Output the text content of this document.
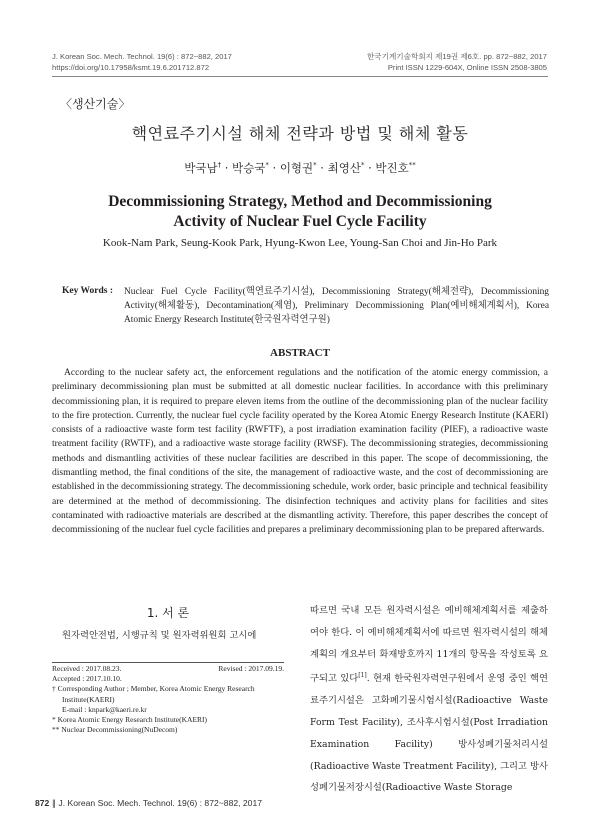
J. Korean Soc. Mech. Technol. 19(6) : 872~882, 2017
https://doi.org/10.17958/ksmt.19.6.201712.872
한국기계기술학회지 제19권 제6호. pp. 872~882, 2017
Print ISSN 1229-604X, Online ISSN 2508-3805
〈생산기술〉
핵연료주기시설 해체 전략과 방법 및 해체 활동
박국남† · 박승국* · 이형권* · 최영산* · 박진호**
Decommissioning Strategy, Method and Decommissioning
Activity of Nuclear Fuel Cycle Facility
Kook-Nam Park, Seung-Kook Park, Hyung-Kwon Lee, Young-San Choi and Jin-Ho Park
Key Words : Nuclear Fuel Cycle Facility(핵연료주기시설), Decommissioning Strategy(해체전략), Decommissioning Activity(해체활동), Decontamination(제염), Preliminary Decommissioning Plan(예비해체계획서), Korea Atomic Energy Research Institute(한국원자력연구원)
ABSTRACT

According to the nuclear safety act, the enforcement regulations and the notification of the atomic energy commission, a preliminary decommissioning plan must be submitted at all domestic nuclear facilities. In accordance with this preliminary decommissioning plan, it is required to prepare eleven items from the outline of the decommissioning plan of the nuclear facility to the fire protection. Currently, the nuclear fuel cycle facility operated by the Korea Atomic Energy Research Institute (KAERI) consists of a radioactive waste form test facility (RWFTF), a post irradiation examination facility (PIEF), a radioactive waste treatment facility (RWTF), and a radioactive waste storage facility (RWSF). The decommissioning strategies, decommissioning methods and dismantling activities of these nuclear facilities are described in this paper. The scope of decommissioning, the dismantling method, the final conditions of the site, the management of radioactive waste, and the cost of decommissioning are established in the decommissioning strategy. The decommissioning schedule, work order, basic principle and technical feasibility are determined at the method of decommissioning. The disinfection techniques and activity plans for facilities and sites contaminated with radioactive materials are described at the dismantling activity. Therefore, this paper describes the concept of decommissioning of the nuclear fuel cycle facilities and prepares a preliminary decommissioning plan to be prepared afterwards.

1. 서 론

원자력안전법, 시행규칙 및 원자력위원회 고시에

Received : 2017.08.23.	Revised : 2017.09.19.
Accepted : 2017.10.10.
† Corresponding Author ; Member, Korea Atomic Energy Research
Institute(KAERI)
E-mail : knpark@kaeri.re.kr
* Korea Atomic Energy Research Institute(KAERI)
** Nuclear Decommissioning(NuDecom)

따르면 국내 모든 원자력시설은 예비해체계획서를 제출하여야 한다. 이 예비해체계획서에 따르면 원자력시설의 해체계획의 개요부터 화재방호까지 11개의 항목을 작성토록 요구되고 있다[1]. 현재 한국원자력연구원에서 운영 중인 핵연료주기시설은 고화폐기물시험시설(Radioactive Waste Form Test Facility), 조사후시험시설(Post Irradiation Examination Facility) 방사성폐기물처리시설(Radioactive Waste Treatment Facility), 그리고 방사성폐기물저장시설(Radioactive Waste Storage

872 ∥ J. Korean Soc. Mech. Technol. 19(6) : 872~882, 2017
